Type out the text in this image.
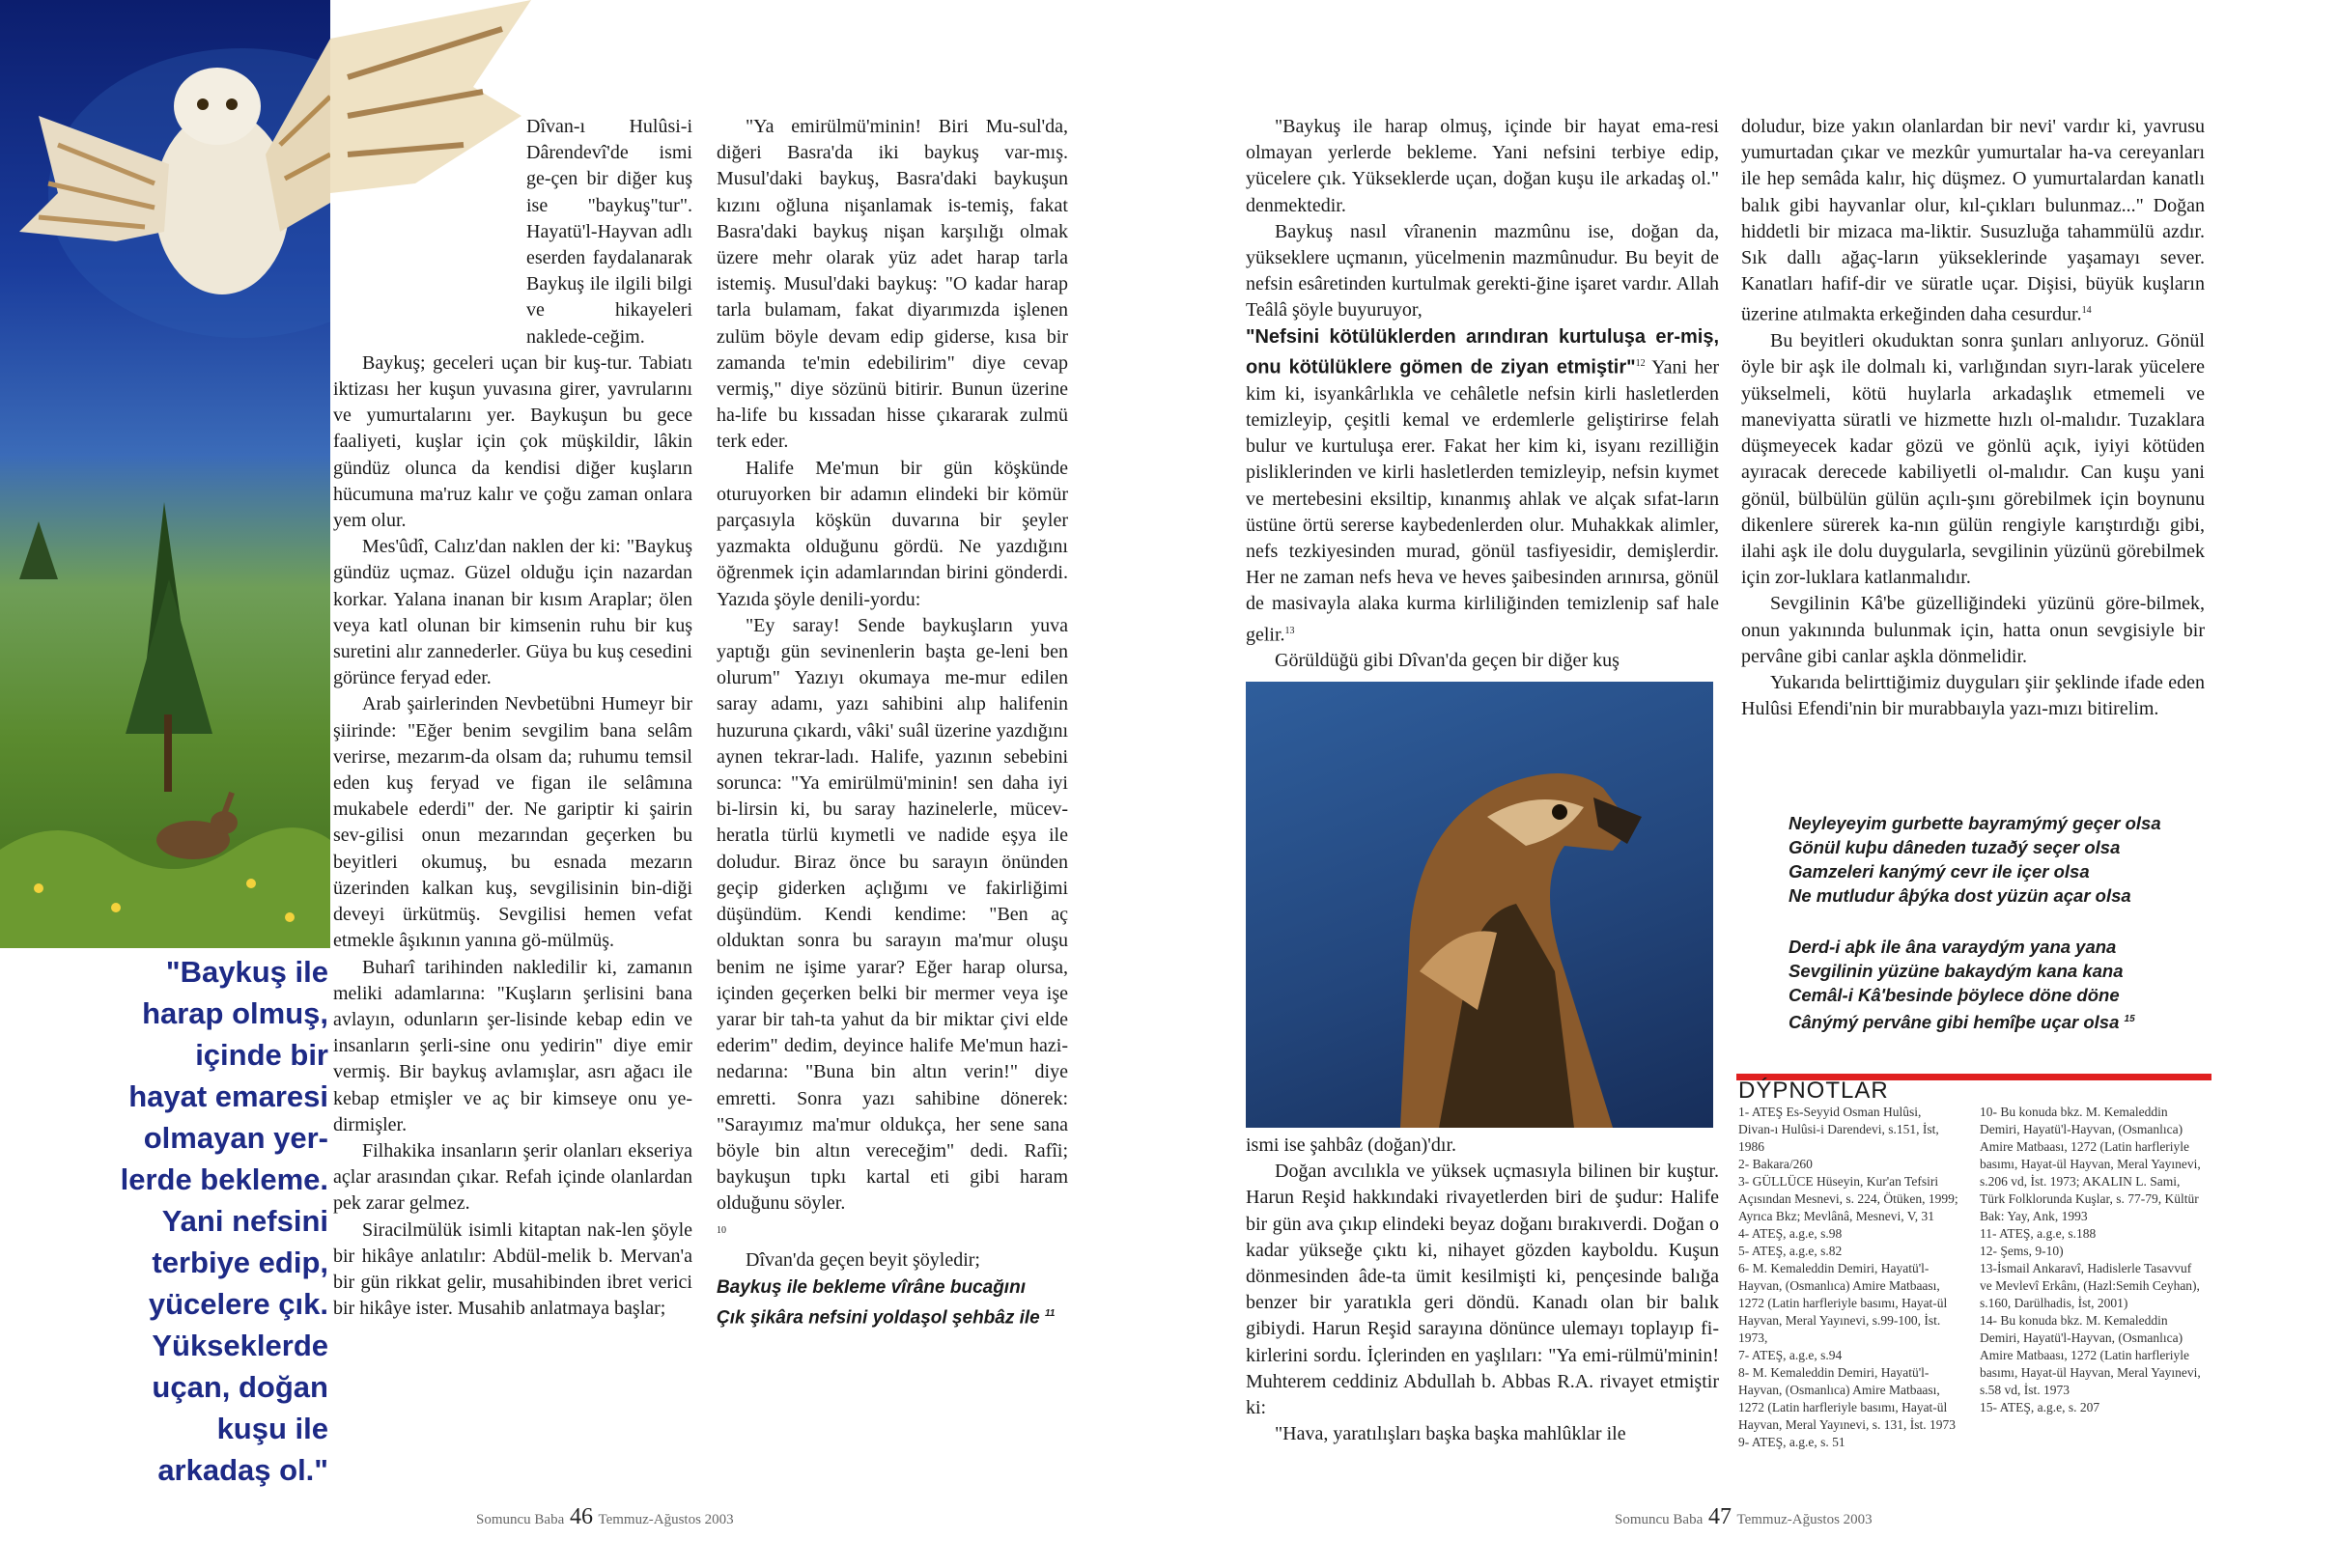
"Baykuş ile
harap olmuş,
içinde bir
hayat emaresi
olmayan yer-
lerde bekleme.
Yani nefsini
terbiye edip,
yücelere çık.
Yükseklerde
uçan, doğan
kuşu ile
arkadaş ol."

Dîvan-ı Hulûsi-i Dârendevî'de ismi ge-çen bir diğer kuş ise "baykuş"tur". Hayatü'l-Hayvan adlı eserden faydalanarak Baykuş ile ilgili bilgi ve hikayeleri naklede-ceğim.

Baykuş; geceleri uçan bir kuş-tur. Tabiatı iktizası her kuşun yuvasına girer, yavrularını ve yumurtalarını yer. Baykuşun bu gece faaliyeti, kuşlar için çok müşkildir, lâkin gündüz olunca da kendisi diğer kuşların hücumuna ma'ruz kalır ve çoğu zaman onlara yem olur.

Mes'ûdî, Calız'dan naklen der ki: "Baykuş gündüz uçmaz. Güzel olduğu için nazardan korkar. Yalana inanan bir kısım Araplar; ölen veya katl olunan bir kimsenin ruhu bir kuş suretini alır zannederler. Güya bu kuş cesedini görünce feryad eder.

Arab şairlerinden Nevbetübni Humeyr bir şiirinde: "Eğer benim sevgilim bana selâm verirse, mezarım-da olsam da; ruhumu temsil eden kuş feryad ve figan ile selâmına mukabele ederdi" der. Ne gariptir ki şairin sev-gilisi onun mezarından geçerken bu beyitleri okumuş, bu esnada mezarın üzerinden kalkan kuş, sevgilisinin bin-diği deveyi ürkütmüş. Sevgilisi hemen vefat etmekle âşıkının yanına gö-mülmüş.

Buharî tarihinden nakledilir ki, zamanın meliki adamlarına: "Kuşların şerlisini bana avlayın, odunların şer-lisinde kebap edin ve insanların şerli-sine onu yedirin" diye emir vermiş. Bir baykuş avlamışlar, asrı ağacı ile kebap etmişler ve aç bir kimseye onu ye-dirmişler.

Filhakika insanların şerir olanları ekseriya açlar arasından çıkar. Refah içinde olanlardan pek zarar gelmez.

Siracilmülük isimli kitaptan nak-len şöyle bir hikâye anlatılır: Abdül-melik b. Mervan'a bir gün rikkat gelir, musahibinden ibret verici bir hikâye ister. Musahib anlatmaya başlar;

"Ya emirülmü'minin! Biri Mu-sul'da, diğeri Basra'da iki baykuş var-mış. Musul'daki baykuş, Basra'daki baykuşun kızını oğluna nişanlamak is-temiş, fakat Basra'daki baykuş nişan karşılığı olmak üzere mehr olarak yüz adet harap tarla istemiş. Musul'daki baykuş: "O kadar harap tarla bulamam, fakat diyarımızda işlenen zulüm böyle devam edip giderse, kısa bir zamanda te'min edebilirim" diye cevap vermiş," diye sözünü bitirir. Bunun üzerine ha-life bu kıssadan hisse çıkararak zulmü terk eder.

Halife Me'mun bir gün köşkünde oturuyorken bir adamın elindeki bir kömür parçasıyla köşkün duvarına bir şeyler yazmakta olduğunu gördü. Ne yazdığını öğrenmek için adamlarından birini gönderdi. Yazıda şöyle denili-yordu:

"Ey saray! Sende baykuşların yuva yaptığı gün sevinenlerin başta ge-leni ben olurum" Yazıyı okumaya me-mur edilen saray adamı, yazı sahibini alıp halifenin huzuruna çıkardı, vâki' suâl üzerine yazdığını aynen tekrar-ladı. Halife, yazının sebebini sorunca: "Ya emirülmü'minin! sen daha iyi bi-lirsin ki, bu saray hazinelerle, mücev-heratla türlü kıymetli ve nadide eşya ile doludur. Biraz önce bu sarayın önünden geçip giderken açlığımı ve fakirliğimi düşündüm. Kendi kendime: "Ben aç olduktan sonra bu sarayın ma'mur oluşu benim ne işime yarar? Eğer harap olursa, içinden geçerken belki bir mermer veya işe yarar bir tah-ta yahut da bir miktar çivi elde ederim" dedim, deyince halife Me'mun hazi-nedarına: "Buna bin altın verin!" diye emretti. Sonra yazı sahibine dönerek: "Sarayımız ma'mur oldukça, her sene sana böyle bin altın vereceğim" dedi. Rafîi; baykuşun tıpkı kartal eti gibi haram olduğunu söyler.

$^{10}$

Dîvan'da geçen beyit şöyledir;

Baykuş ile bekleme vîrâne bucağını

Çık şikâra nefsini yoldaşol şehbâz ile $^{11}$

Somuncu Baba 46 Temmuz-Ağustos 2003

"Baykuş ile harap olmuş, içinde bir hayat ema-resi olmayan yerlerde bekleme. Yani nefsini terbiye edip, yücelere çık. Yükseklerde uçan, doğan kuşu ile arkadaş ol." denmektedir.

Baykuş nasıl vîranenin mazmûnu ise, doğan da, yükseklere uçmanın, yücelmenin mazmûnudur. Bu beyit de nefsin esâretinden kurtulmak gerekti-ğine işaret vardır. Allah Teâlâ şöyle buyuruyor,

"Nefsini kötülüklerden arındıran kurtuluşa er-miş, onu kötülüklere gömen de ziyan etmiştir"$^{12}$ Yani her kim ki, isyankârlıkla ve cehâletle nefsin kirli hasletlerden temizleyip, çeşitli kemal ve erdemlerle geliştirirse felah bulur ve kurtuluşa erer. Fakat her kim ki, isyanı rezilliğin pisliklerinden ve kirli hasletlerden temizleyip, nefsin kıymet ve mertebesini eksiltip, kınanmış ahlak ve alçak sıfat-ların üstüne örtü sererse kaybedenlerden olur. Muhakkak alimler, nefs tezkiyesinden murad, gönül tasfiyesidir, demişlerdir. Her ne zaman nefs heva ve heves şaibesinden arınırsa, gönül de masivayla alaka kurma kirliliğinden temizlenip saf hale gelir.$^{13}$

Görüldüğü gibi Dîvan'da geçen bir diğer kuş

ismi ise şahbâz (doğan)'dır.

Doğan avcılıkla ve yüksek uçmasıyla bilinen bir kuştur. Harun Reşid hakkındaki rivayetlerden biri de şudur: Halife bir gün ava çıkıp elindeki beyaz doğanı bırakıverdi. Doğan o kadar yükseğe çıktı ki, nihayet gözden kayboldu. Kuşun dönmesinden âde-ta ümit kesilmişti ki, pençesinde balığa benzer bir yaratıkla geri döndü. Kanadı olan bir balık gibiydi. Harun Reşid sarayına dönünce ulemayı toplayıp fi-kirlerini sordu. İçlerinden en yaşlıları: "Ya emi-rülmü'minin! Muhterem ceddiniz Abdullah b. Abbas R.A. rivayet etmiştir ki:

"Hava, yaratılışları başka başka mahlûklar ile

doludur, bize yakın olanlardan bir nevi' vardır ki, yavrusu yumurtadan çıkar ve mezkûr yumurtalar ha-va cereyanları ile hep semâda kalır, hiç düşmez. O yumurtalardan kanatlı balık gibi hayvanlar olur, kıl-çıkları bulunmaz..." Doğan hiddetli bir mizaca ma-liktir. Susuzluğa tahammülü azdır. Sık dallı ağaç-ların yükseklerinde yaşamayı sever. Kanatları hafif-dir ve süratle uçar. Dişisi, büyük kuşların üzerine atılmakta erkeğinden daha cesurdur.$^{14}$

Bu beyitleri okuduktan sonra şunları anlıyoruz. Gönül öyle bir aşk ile dolmalı ki, varlığından sıyrı-larak yücelere yükselmeli, kötü huylarla arkadaşlık etmemeli ve maneviyatta süratli ve hizmette hızlı ol-malıdır. Tuzaklara düşmeyecek kadar gözü ve gönlü açık, iyiyi kötüden ayıracak derecede kabiliyetli ol-malıdır. Can kuşu yani gönül, bülbülün gülün açılı-şını görebilmek için boynunu dikenlere sürerek ka-nın gülün rengiyle karıştırdığı gibi, ilahi aşk ile dolu duygularla, sevgilinin yüzünü görebilmek için zor-luklara katlanmalıdır.

Sevgilinin Kâ'be güzelliğindeki yüzünü göre-bilmek, onun yakınında bulunmak için, hatta onun sevgisiyle bir pervâne gibi canlar aşkla dönmelidir.

Yukarıda belirttiğimiz duyguları şiir şeklinde ifade eden Hulûsi Efendi'nin bir murabbaıyla yazı-mızı bitirelim.

Neyleyeyim gurbette bayramýmý geçer olsa
Gönül kuþu dâneden tuzaðý seçer olsa
Gamzeleri kanýmý cevr ile içer olsa
Ne mutludur âþýka dost yüzün açar olsa
Derd-i aþk ile âna varaydým yana yana
Sevgilinin yüzüne bakaydým kana kana
Cemâl-i Kâ'besinde þöylece döne döne
Cânýmý pervâne gibi hemîþe uçar olsa $^{15}$
DÝPNOTLAR
1- ATEŞ Es-Seyyid Osman Hulûsi, Divan-ı Hulûsi-i Darendevi, s.151, İst, 1986
2- Bakara/260
3- GÜLLÜCE Hüseyin, Kur'an Tefsiri Açısından Mesnevi, s. 224, Ötüken, 1999; Ayrıca Bkz; Mevlânâ, Mesnevi, V, 31
4- ATEŞ, a.g.e, s.98
5- ATEŞ, a.g.e, s.82
6- M. Kemaleddin Demiri, Hayatü'l-Hayvan, (Osmanlıca) Amire Matbaası, 1272 (Latin harfleriyle basımı, Hayat-ül Hayvan, Meral Yayınevi, s.99-100, İst. 1973,
7- ATEŞ, a.g.e, s.94
8- M. Kemaleddin Demiri, Hayatü'l-Hayvan, (Osmanlıca) Amire Matbaası, 1272 (Latin harfleriyle basımı, Hayat-ül Hayvan, Meral Yayınevi, s. 131, İst. 1973
9- ATEŞ, a.g.e, s. 51
10- Bu konuda bkz. M. Kemaleddin Demiri, Hayatü'l-Hayvan, (Osmanlıca) Amire Matbaası, 1272 (Latin harfleriyle basımı, Hayat-ül Hayvan, Meral Yayınevi, s.206 vd, İst. 1973; AKALIN L. Sami, Türk Folklorunda Kuşlar, s. 77-79, Kültür Bak: Yay, Ank, 1993
11- ATEŞ, a.g.e, s.188
12- Şems, 9-10)
13-İsmail Ankaravî, Hadislerle Tasavvuf ve Mevlevî Erkânı, (Hazl:Semih Ceyhan), s.160, Darülhadis, İst, 2001)
14- Bu konuda bkz. M. Kemaleddin Demiri, Hayatü'l-Hayvan, (Osmanlıca) Amire Matbaası, 1272 (Latin harfleriyle basımı, Hayat-ül Hayvan, Meral Yayınevi, s.58 vd, İst. 1973
15- ATEŞ, a.g.e, s. 207
Somuncu Baba 47 Temmuz-Ağustos 2003
